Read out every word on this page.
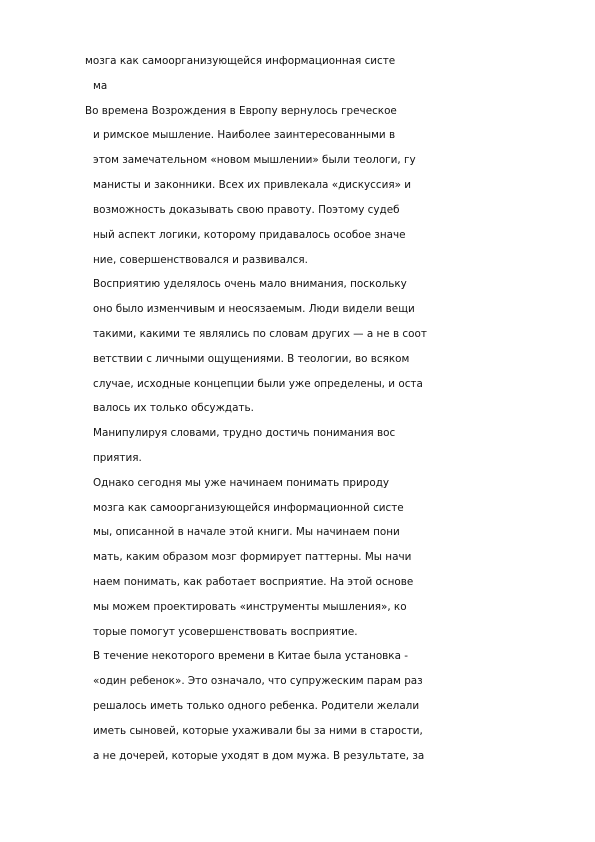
мозга как самоорганизующейся информационная систе
ма
Во времена Возрождения в Европу вернулось греческое
и римское мышление. Наиболее заинтересованными в
этом замечательном «новом мышлении» были теологи, гу
манисты и законники. Всех их привлекала «дискуссия» и
возможность доказывать свою правоту. Поэтому судеб
ный аспект логики, которому придавалось особое значе
ние, совершенствовался и развивался.
Восприятию уделялось очень мало внимания, поскольку
оно было изменчивым и неосязаемым. Люди видели вещи
такими, какими те являлись по словам других — а не в соот
ветствии с личными ощущениями. В теологии, во всяком
случае, исходные концепции были уже определены, и оста
валось их только обсуждать.
Манипулируя словами, трудно достичь понимания вос
приятия.
Однако сегодня мы уже начинаем понимать природу
мозга как самоорганизующейся информационной систе
мы, описанной в начале этой книги. Мы начинаем пони
мать, каким образом мозг формирует паттерны. Мы начи
наем понимать, как работает восприятие. На этой основе
мы можем проектировать «инструменты мышления», ко
торые помогут усовершенствовать восприятие.
В течение некоторого времени в Китае была установка -
«один ребенок». Это означало, что супружеским парам раз
решалось иметь только одного ребенка. Родители желали
иметь сыновей, которые ухаживали бы за ними в старости,
а не дочерей, которые уходят в дом мужа. В результате, за
